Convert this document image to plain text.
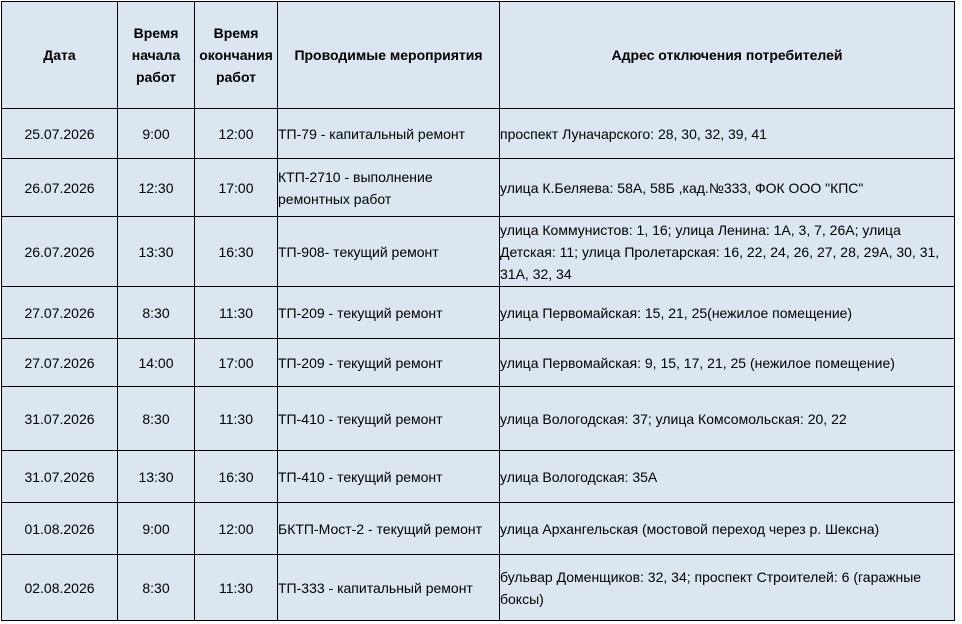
Дата	Время начала работ	Время окончания работ	Проводимые мероприятия	Адрес отключения потребителей
25.07.2026	9:00	12:00	ТП-79 - капитальный ремонт	проспект Луначарского: 28, 30, 32, 39, 41
26.07.2026	12:30	17:00	КТП-2710 - выполнение ремонтных работ	улица К.Беляева: 58А, 58Б ,кад.№333, ФОК ООО "КПС"
26.07.2026	13:30	16:30	ТП-908- текущий ремонт	улица Коммунистов: 1, 16; улица Ленина: 1А, 3, 7, 26А; улица Детская: 11; улица Пролетарская: 16, 22, 24, 26, 27, 28, 29А, 30, 31, 31А, 32, 34
27.07.2026	8:30	11:30	ТП-209 - текущий ремонт	улица Первомайская: 15, 21, 25(нежилое помещение)
27.07.2026	14:00	17:00	ТП-209 - текущий ремонт	улица Первомайская: 9, 15, 17, 21, 25 (нежилое помещение)
31.07.2026	8:30	11:30	ТП-410 - текущий ремонт	улица Вологодская: 37; улица Комсомольская: 20, 22
31.07.2026	13:30	16:30	ТП-410 - текущий ремонт	улица Вологодская: 35А
01.08.2026	9:00	12:00	БКТП-Мост-2 - текущий ремонт	улица Архангельская (мостовой переход через р. Шексна)
02.08.2026	8:30	11:30	ТП-333 - капитальный ремонт	бульвар Доменщиков: 32, 34; проспект Строителей: 6 (гаражные боксы)
